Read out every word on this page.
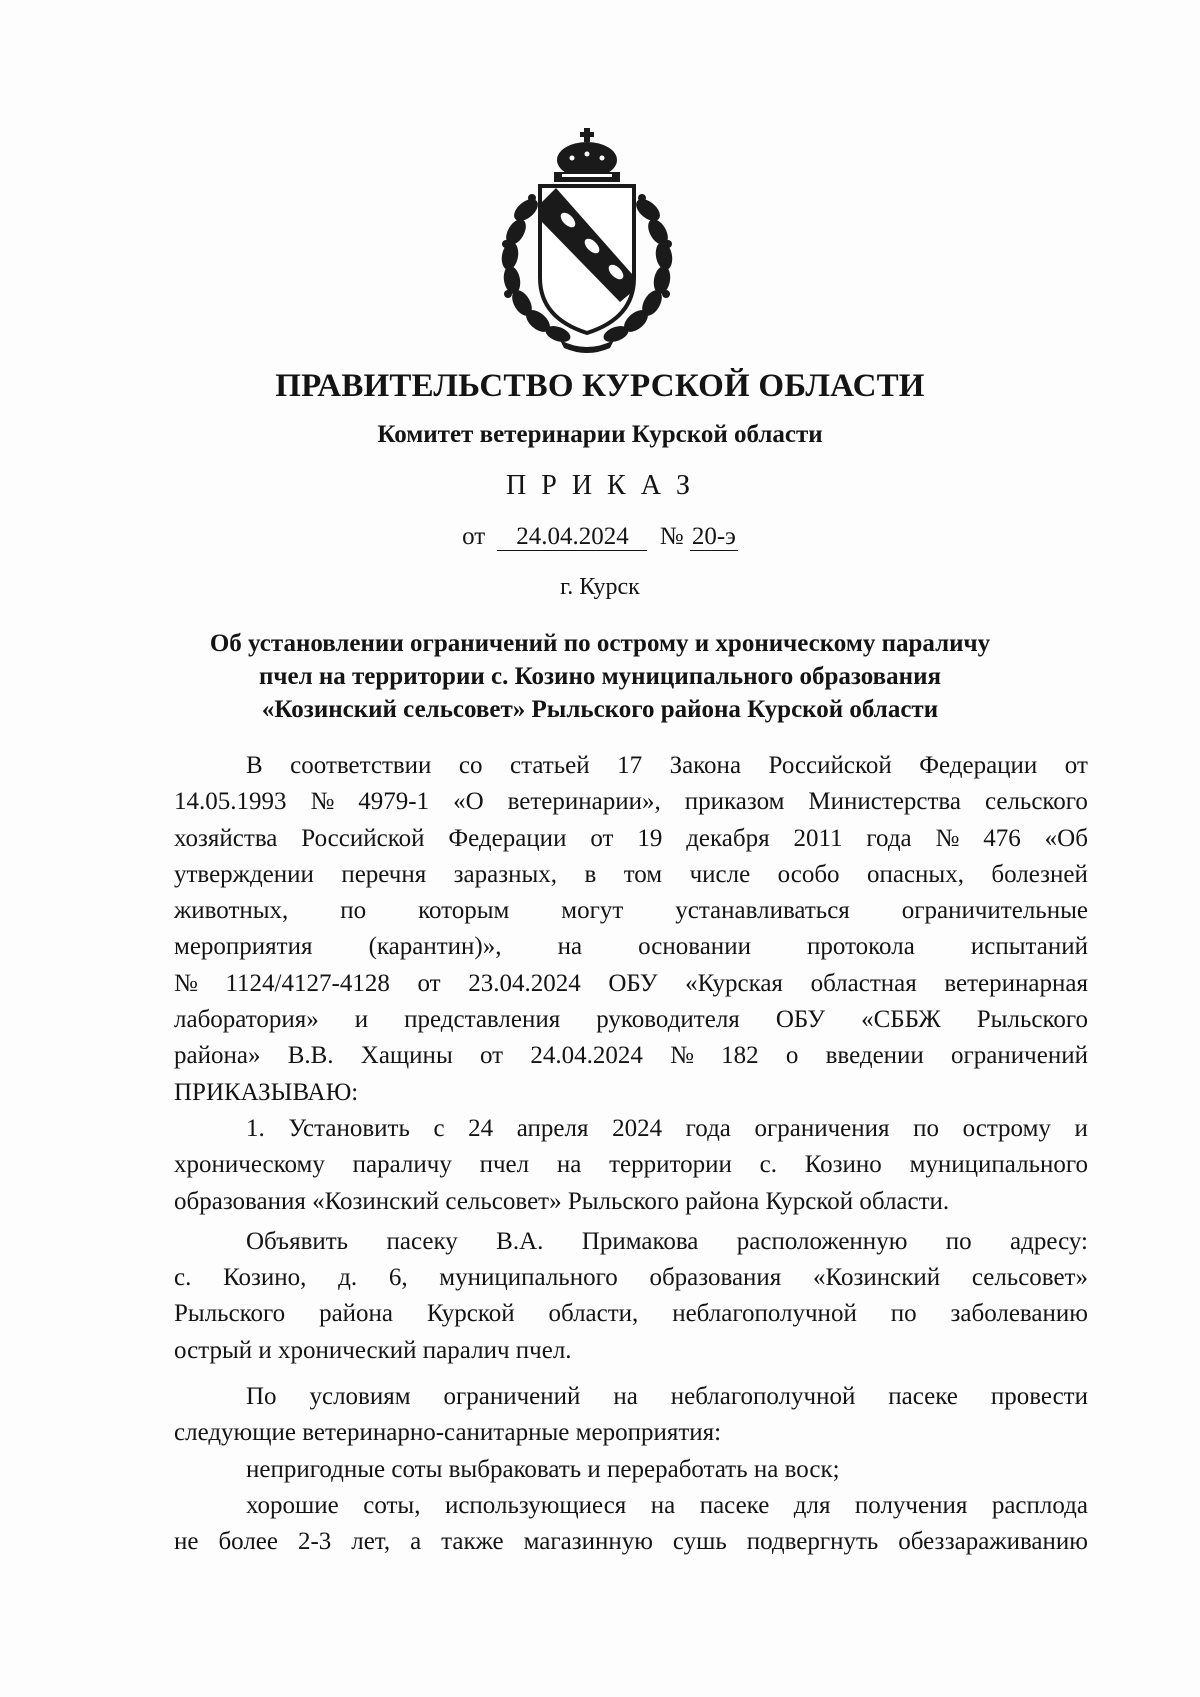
ПРАВИТЕЛЬСТВО КУРСКОЙ ОБЛАСТИ
Комитет ветеринарии Курской области
П Р И К А З
от 24.04.2024 № 20-э
г. Курск
Об установлении ограничений по острому и хроническому параличу
пчел на территории с. Козино муниципального образования
«Козинский сельсовет» Рыльского района Курской области
В соответствии со статьей 17 Закона Российской Федерации от
14.05.1993 № 4979-1 «О ветеринарии», приказом Министерства сельского
хозяйства Российской Федерации от 19 декабря 2011 года № 476 «Об
утверждении перечня заразных, в том числе особо опасных, болезней
животных, по которым могут устанавливаться ограничительные
мероприятия (карантин)», на основании протокола испытаний
№ 1124/4127-4128 от 23.04.2024 ОБУ «Курская областная ветеринарная
лаборатория» и представления руководителя ОБУ «СББЖ Рыльского
района» В.В. Хащины от 24.04.2024 № 182 о введении ограничений
ПРИКАЗЫВАЮ:
1. Установить с 24 апреля 2024 года ограничения по острому и
хроническому параличу пчел на территории с. Козино муниципального
образования «Козинский сельсовет» Рыльского района Курской области.
Объявить пасеку В.А. Примакова расположенную по адресу:
с. Козино, д. 6, муниципального образования «Козинский сельсовет»
Рыльского района Курской области, неблагополучной по заболеванию
острый и хронический паралич пчел.
По условиям ограничений на неблагополучной пасеке провести
следующие ветеринарно-санитарные мероприятия:
непригодные соты выбраковать и переработать на воск;
хорошие соты, использующиеся на пасеке для получения расплода
не более 2-3 лет, а также магазинную сушь подвергнуть обеззараживанию
